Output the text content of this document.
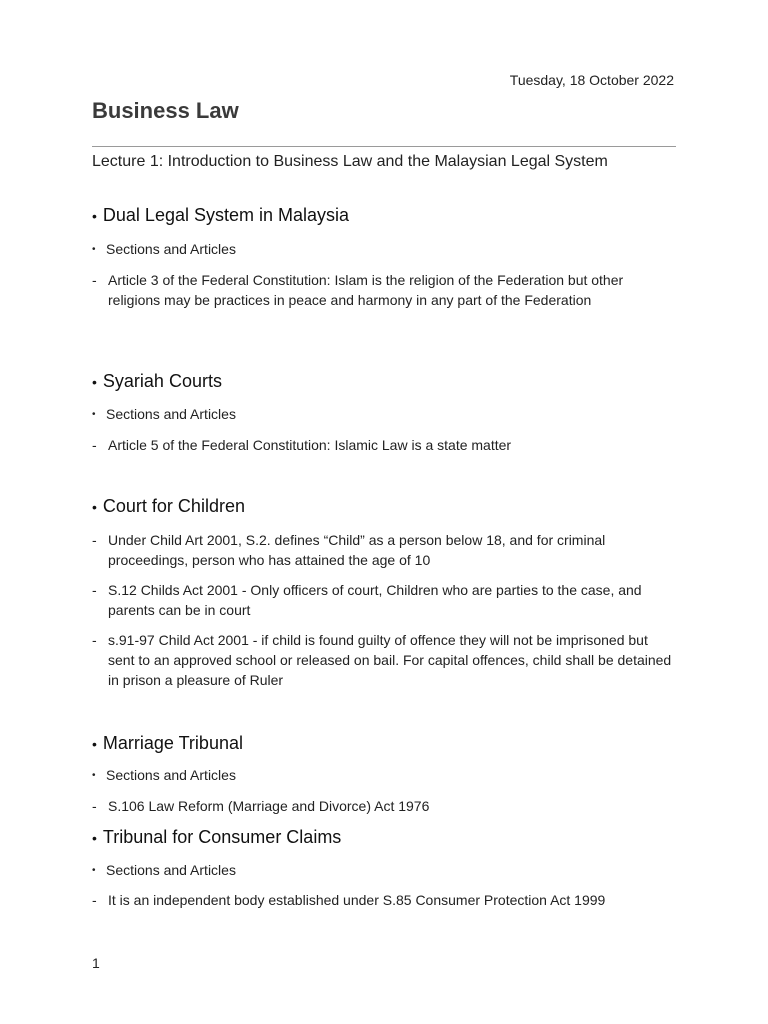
Tuesday, 18 October 2022
Business Law
Lecture 1: Introduction to Business Law and the Malaysian Legal System
• Dual Legal System in Malaysia
• Sections and Articles
- Article 3 of the Federal Constitution: Islam is the religion of the Federation but other religions may be practices in peace and harmony in any part of the Federation
• Syariah Courts
• Sections and Articles
- Article 5 of the Federal Constitution: Islamic Law is a state matter
• Court for Children
- Under Child Art 2001, S.2. defines “Child” as a person below 18, and for criminal proceedings, person who has attained the age of 10
- S.12 Childs Act 2001 - Only officers of court, Children who are parties to the case, and parents can be in court
- s.91-97 Child Act 2001 - if child is found guilty of offence they will not be imprisoned but sent to an approved school or released on bail. For capital offences, child shall be detained in prison a pleasure of Ruler
• Marriage Tribunal
• Sections and Articles
- S.106 Law Reform (Marriage and Divorce) Act 1976
• Tribunal for Consumer Claims
• Sections and Articles
- It is an independent body established under S.85 Consumer Protection Act 1999
1
